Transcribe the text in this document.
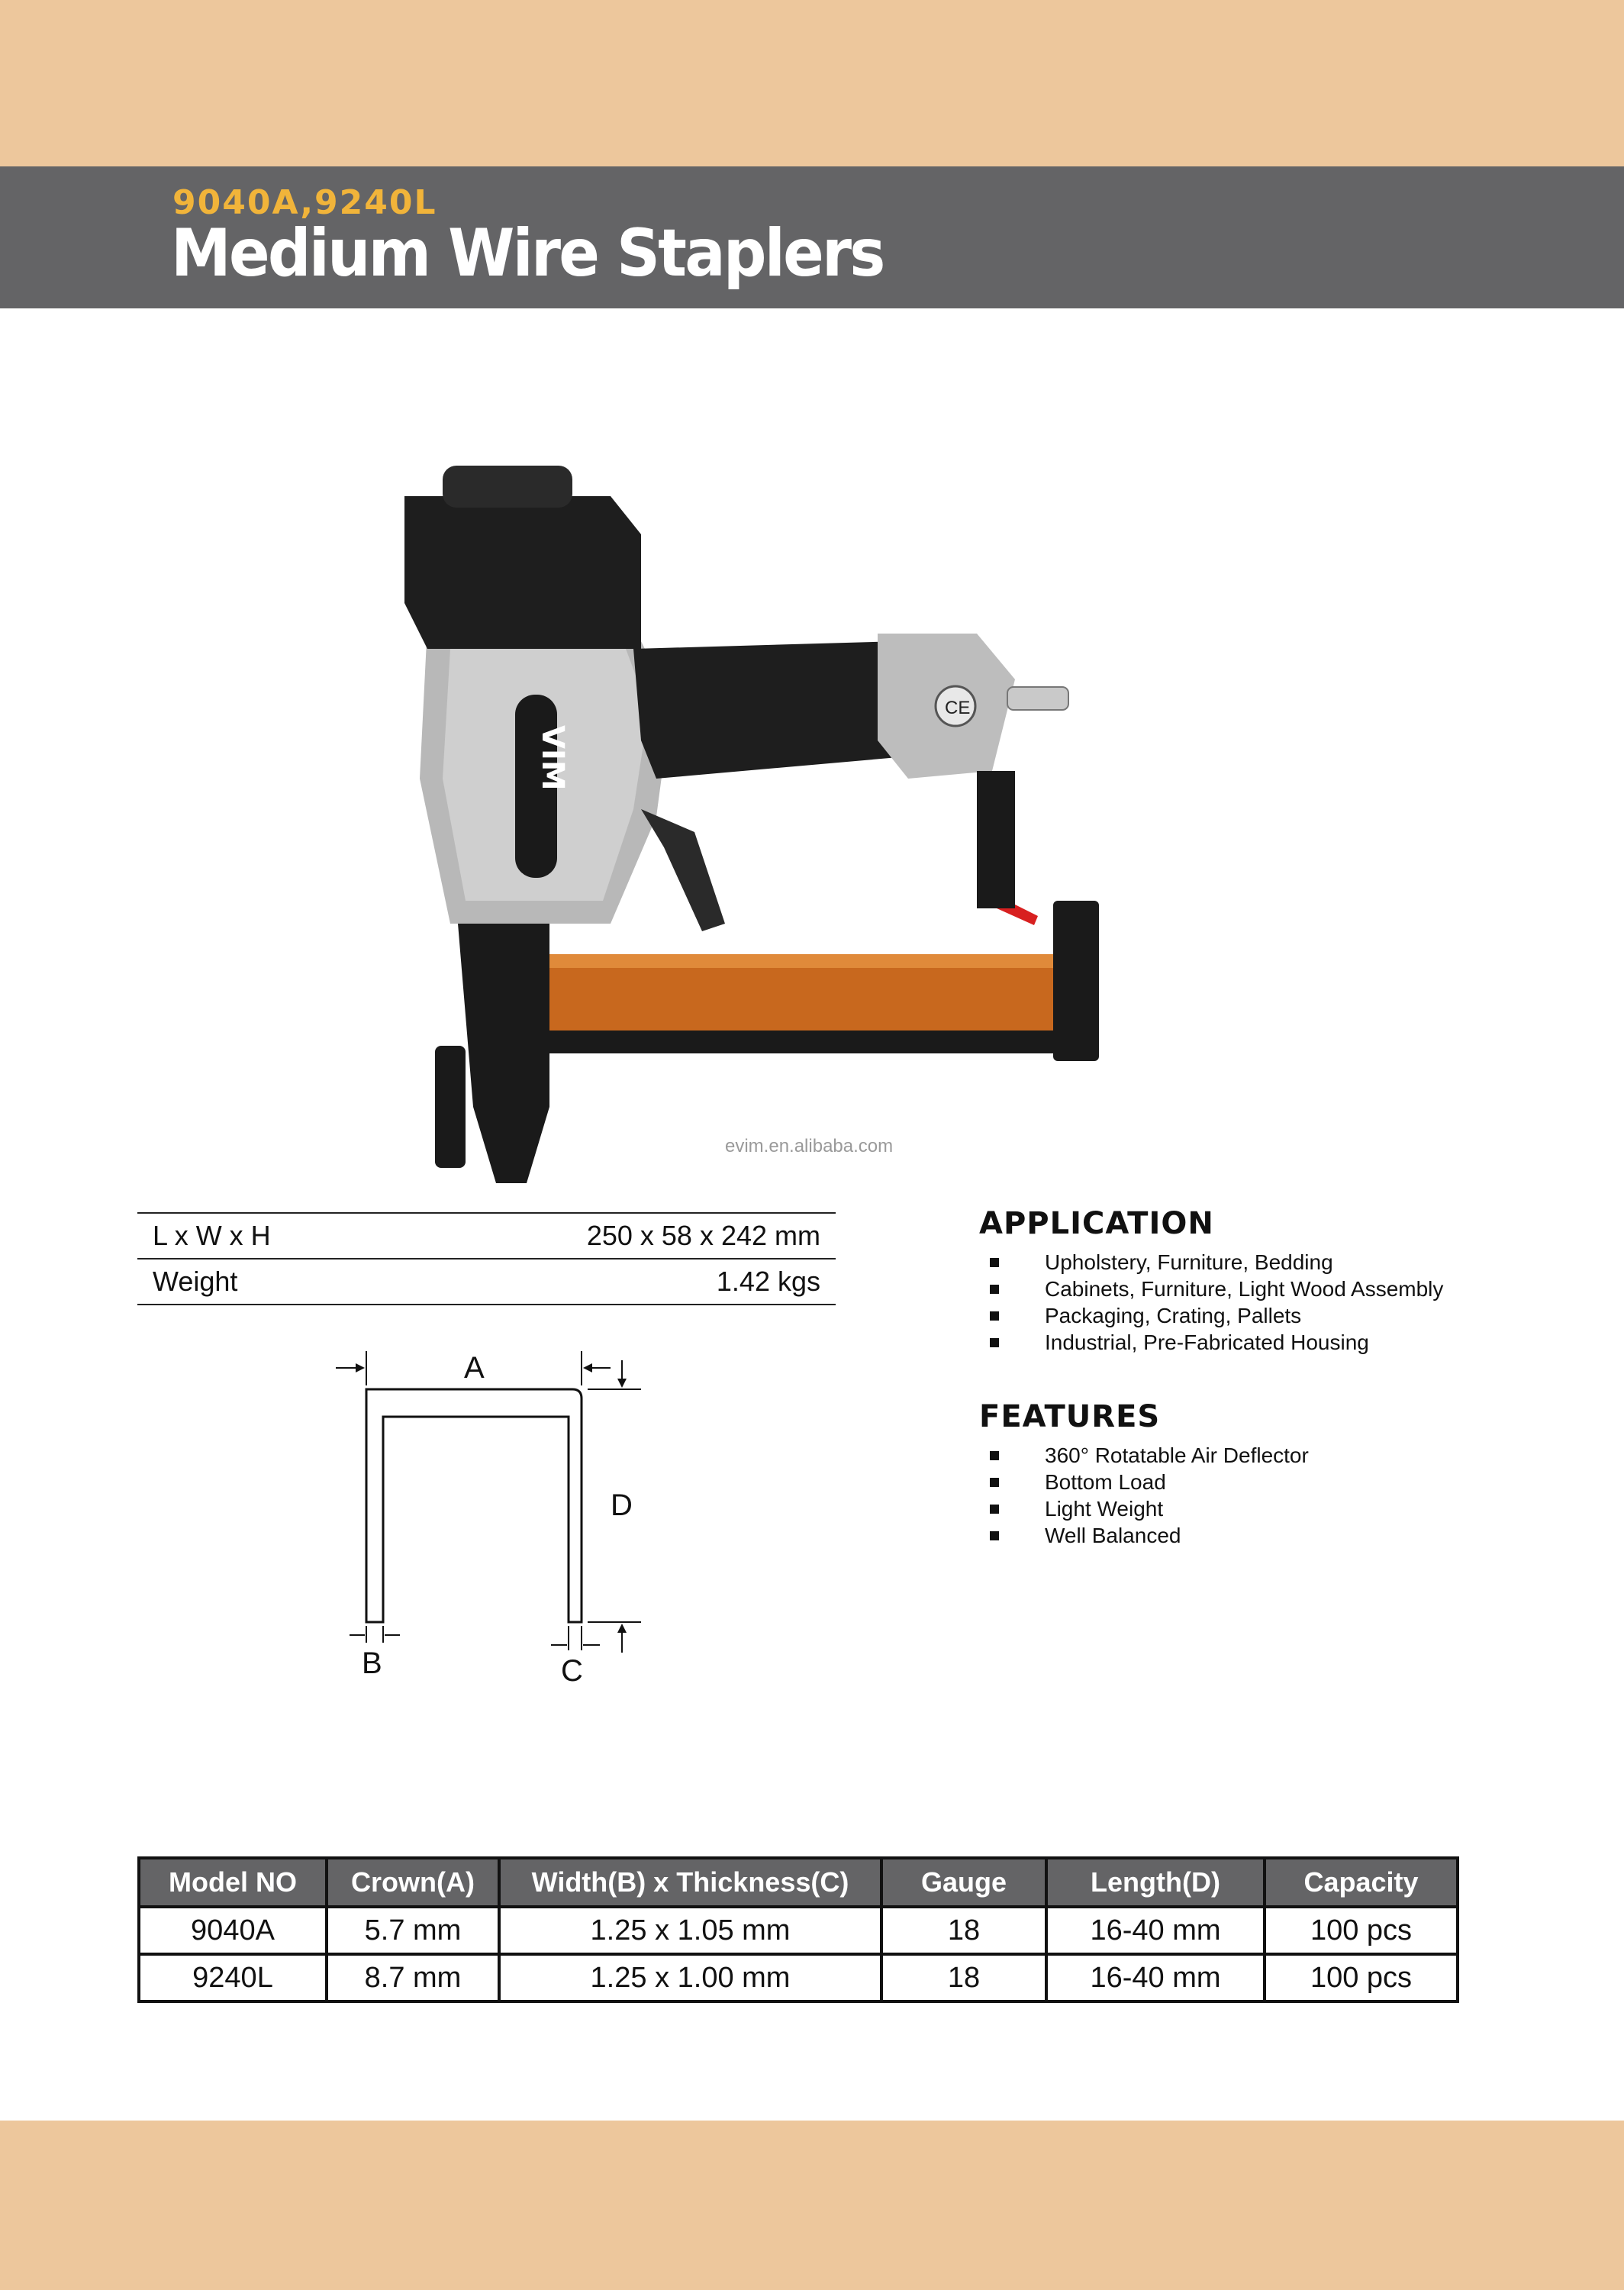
9040A,9240L
Medium Wire Staplers
VIM
CE
evim.en.alibaba.com
L x W x H	250 x 58 x 242 mm
Weight	1.42 kgs
A
D
B	C
APPLICATION
Upholstery, Furniture, Bedding
Cabinets, Furniture, Light Wood Assembly
Packaging, Crating, Pallets
Industrial, Pre-Fabricated Housing
FEATURES
360° Rotatable Air Deflector
Bottom Load
Light Weight
Well Balanced
Model NO	Crown(A)	Width(B) x Thickness(C)	Gauge	Length(D)	Capacity
9040A	5.7 mm	1.25 x 1.05 mm	18	16-40 mm	100 pcs
9240L	8.7 mm	1.25 x 1.00 mm	18	16-40 mm	100 pcs
